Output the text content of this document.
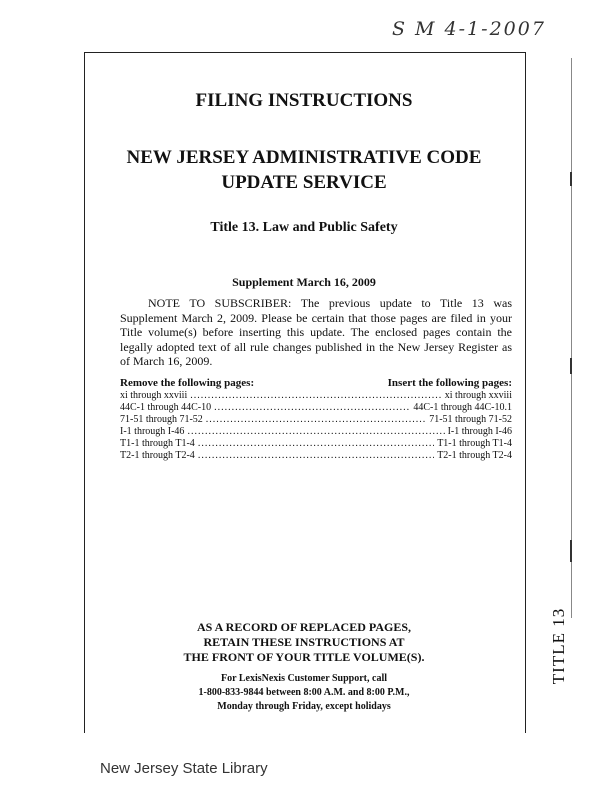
S M 4-1-2007
TITLE 13
FILING INSTRUCTIONS
NEW JERSEY ADMINISTRATIVE CODE
UPDATE SERVICE
Title 13. Law and Public Safety
Supplement March 16, 2009
NOTE TO SUBSCRIBER: The previous update to Title 13 was Supplement March 2, 2009. Please be certain that those pages are filed in your Title volume(s) before inserting this update. The enclosed pages contain the legally adopted text of all rule changes published in the New Jersey Register as of March 16, 2009.
Remove the following pages:	Insert the following pages:
xi through xxviii .....	xi through xxviii
44C-1 through 44C-10 .....	44C-1 through 44C-10.1
71-51 through 71-52 .....	71-51 through 71-52
I-1 through I-46 .....	I-1 through I-46
T1-1 through T1-4 .....	T1-1 through T1-4
T2-1 through T2-4 .....	T2-1 through T2-4
AS A RECORD OF REPLACED PAGES,
RETAIN THESE INSTRUCTIONS AT
THE FRONT OF YOUR TITLE VOLUME(S).
For LexisNexis Customer Support, call
1-800-833-9844 between 8:00 A.M. and 8:00 P.M.,
Monday through Friday, except holidays
New Jersey State Library
